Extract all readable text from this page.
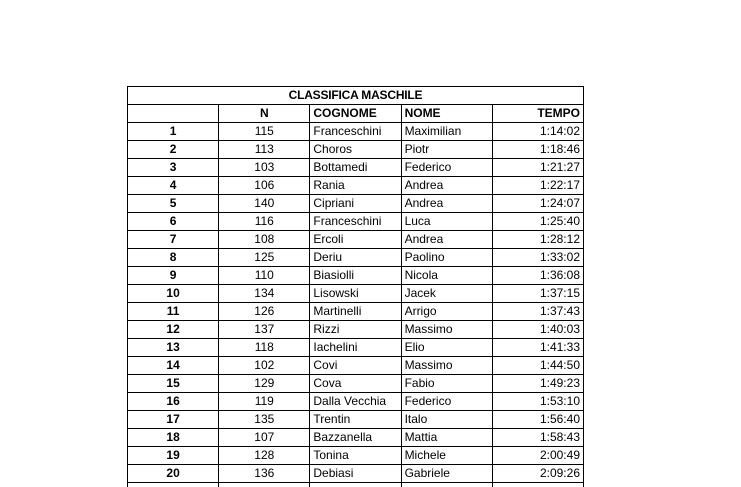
CLASSIFICA MASCHILE				
	N	COGNOME	NOME	TEMPO
1	115	Franceschini	Maximilian	1:14:02
2	113	Choros	Piotr	1:18:46
3	103	Bottamedi	Federico	1:21:27
4	106	Rania	Andrea	1:22:17
5	140	Cipriani	Andrea	1:24:07
6	116	Franceschini	Luca	1:25:40
7	108	Ercoli	Andrea	1:28:12
8	125	Deriu	Paolino	1:33:02
9	110	Biasiolli	Nicola	1:36:08
10	134	Lisowski	Jacek	1:37:15
11	126	Martinelli	Arrigo	1:37:43
12	137	Rizzi	Massimo	1:40:03
13	118	Iachelini	Elio	1:41:33
14	102	Covi	Massimo	1:44:50
15	129	Cova	Fabio	1:49:23
16	119	Dalla Vecchia	Federico	1:53:10
17	135	Trentin	Italo	1:56:40
18	107	Bazzanella	Mattia	1:58:43
19	128	Tonina	Michele	2:00:49
20	136	Debiasi	Gabriele	2:09:26
